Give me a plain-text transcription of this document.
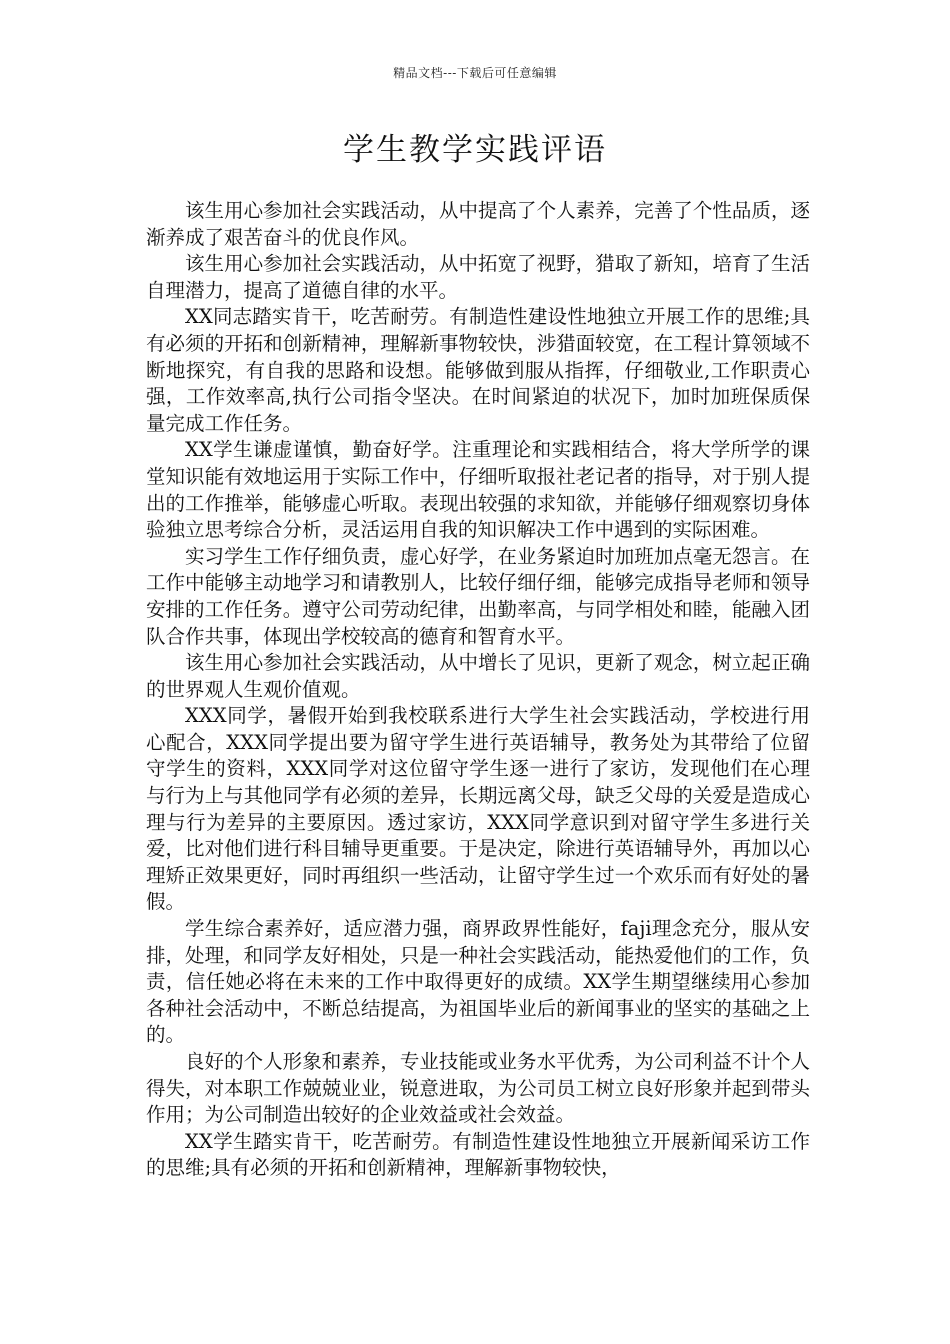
精品文档---下载后可任意编辑
学生教学实践评语

该生用心参加社会实践活动，从中提高了个人素养，完善了个性品质，逐渐养成了艰苦奋斗的优良作风。

该生用心参加社会实践活动，从中拓宽了视野，猎取了新知，培育了生活自理潜力，提高了道德自律的水平。

XX同志踏实肯干，吃苦耐劳。有制造性建设性地独立开展工作的思维;具有必须的开拓和创新精神，理解新事物较快，涉猎面较宽，在工程计算领域不断地探究，有自我的思路和设想。能够做到服从指挥，仔细敬业,工作职责心强，工作效率高,执行公司指令坚决。在时间紧迫的状况下，加时加班保质保量完成工作任务。

XX学生谦虚谨慎，勤奋好学。注重理论和实践相结合，将大学所学的课堂知识能有效地运用于实际工作中，仔细听取报社老记者的指导，对于别人提出的工作推举，能够虚心听取。表现出较强的求知欲，并能够仔细观察切身体验独立思考综合分析，灵活运用自我的知识解决工作中遇到的实际困难。

实习学生工作仔细负责，虚心好学，在业务紧迫时加班加点毫无怨言。在工作中能够主动地学习和请教别人，比较仔细仔细，能够完成指导老师和领导安排的工作任务。遵守公司劳动纪律，出勤率高，与同学相处和睦，能融入团队合作共事，体现出学校较高的德育和智育水平。

该生用心参加社会实践活动，从中增长了见识，更新了观念，树立起正确的世界观人生观价值观。

XXX同学，暑假开始到我校联系进行大学生社会实践活动，学校进行用心配合，XXX同学提出要为留守学生进行英语辅导，教务处为其带给了位留守学生的资料，XXX同学对这位留守学生逐一进行了家访，发现他们在心理与行为上与其他同学有必须的差异，长期远离父母，缺乏父母的关爱是造成心理与行为差异的主要原因。透过家访，XXX同学意识到对留守学生多进行关爱，比对他们进行科目辅导更重要。于是决定，除进行英语辅导外，再加以心理矫正效果更好，同时再组织一些活动，让留守学生过一个欢乐而有好处的暑假。

学生综合素养好，适应潜力强，商界政界性能好，faji理念充分，服从安排，处理，和同学友好相处，只是一种社会实践活动，能热爱他们的工作，负责，信任她必将在未来的工作中取得更好的成绩。XX学生期望继续用心参加各种社会活动中，不断总结提高，为祖国毕业后的新闻事业的坚实的基础之上的。

良好的个人形象和素养，专业技能或业务水平优秀，为公司利益不计个人得失，对本职工作兢兢业业，锐意进取，为公司员工树立良好形象并起到带头作用；为公司制造出较好的企业效益或社会效益。

XX学生踏实肯干，吃苦耐劳。有制造性建设性地独立开展新闻采访工作的思维;具有必须的开拓和创新精神，理解新事物较快，
